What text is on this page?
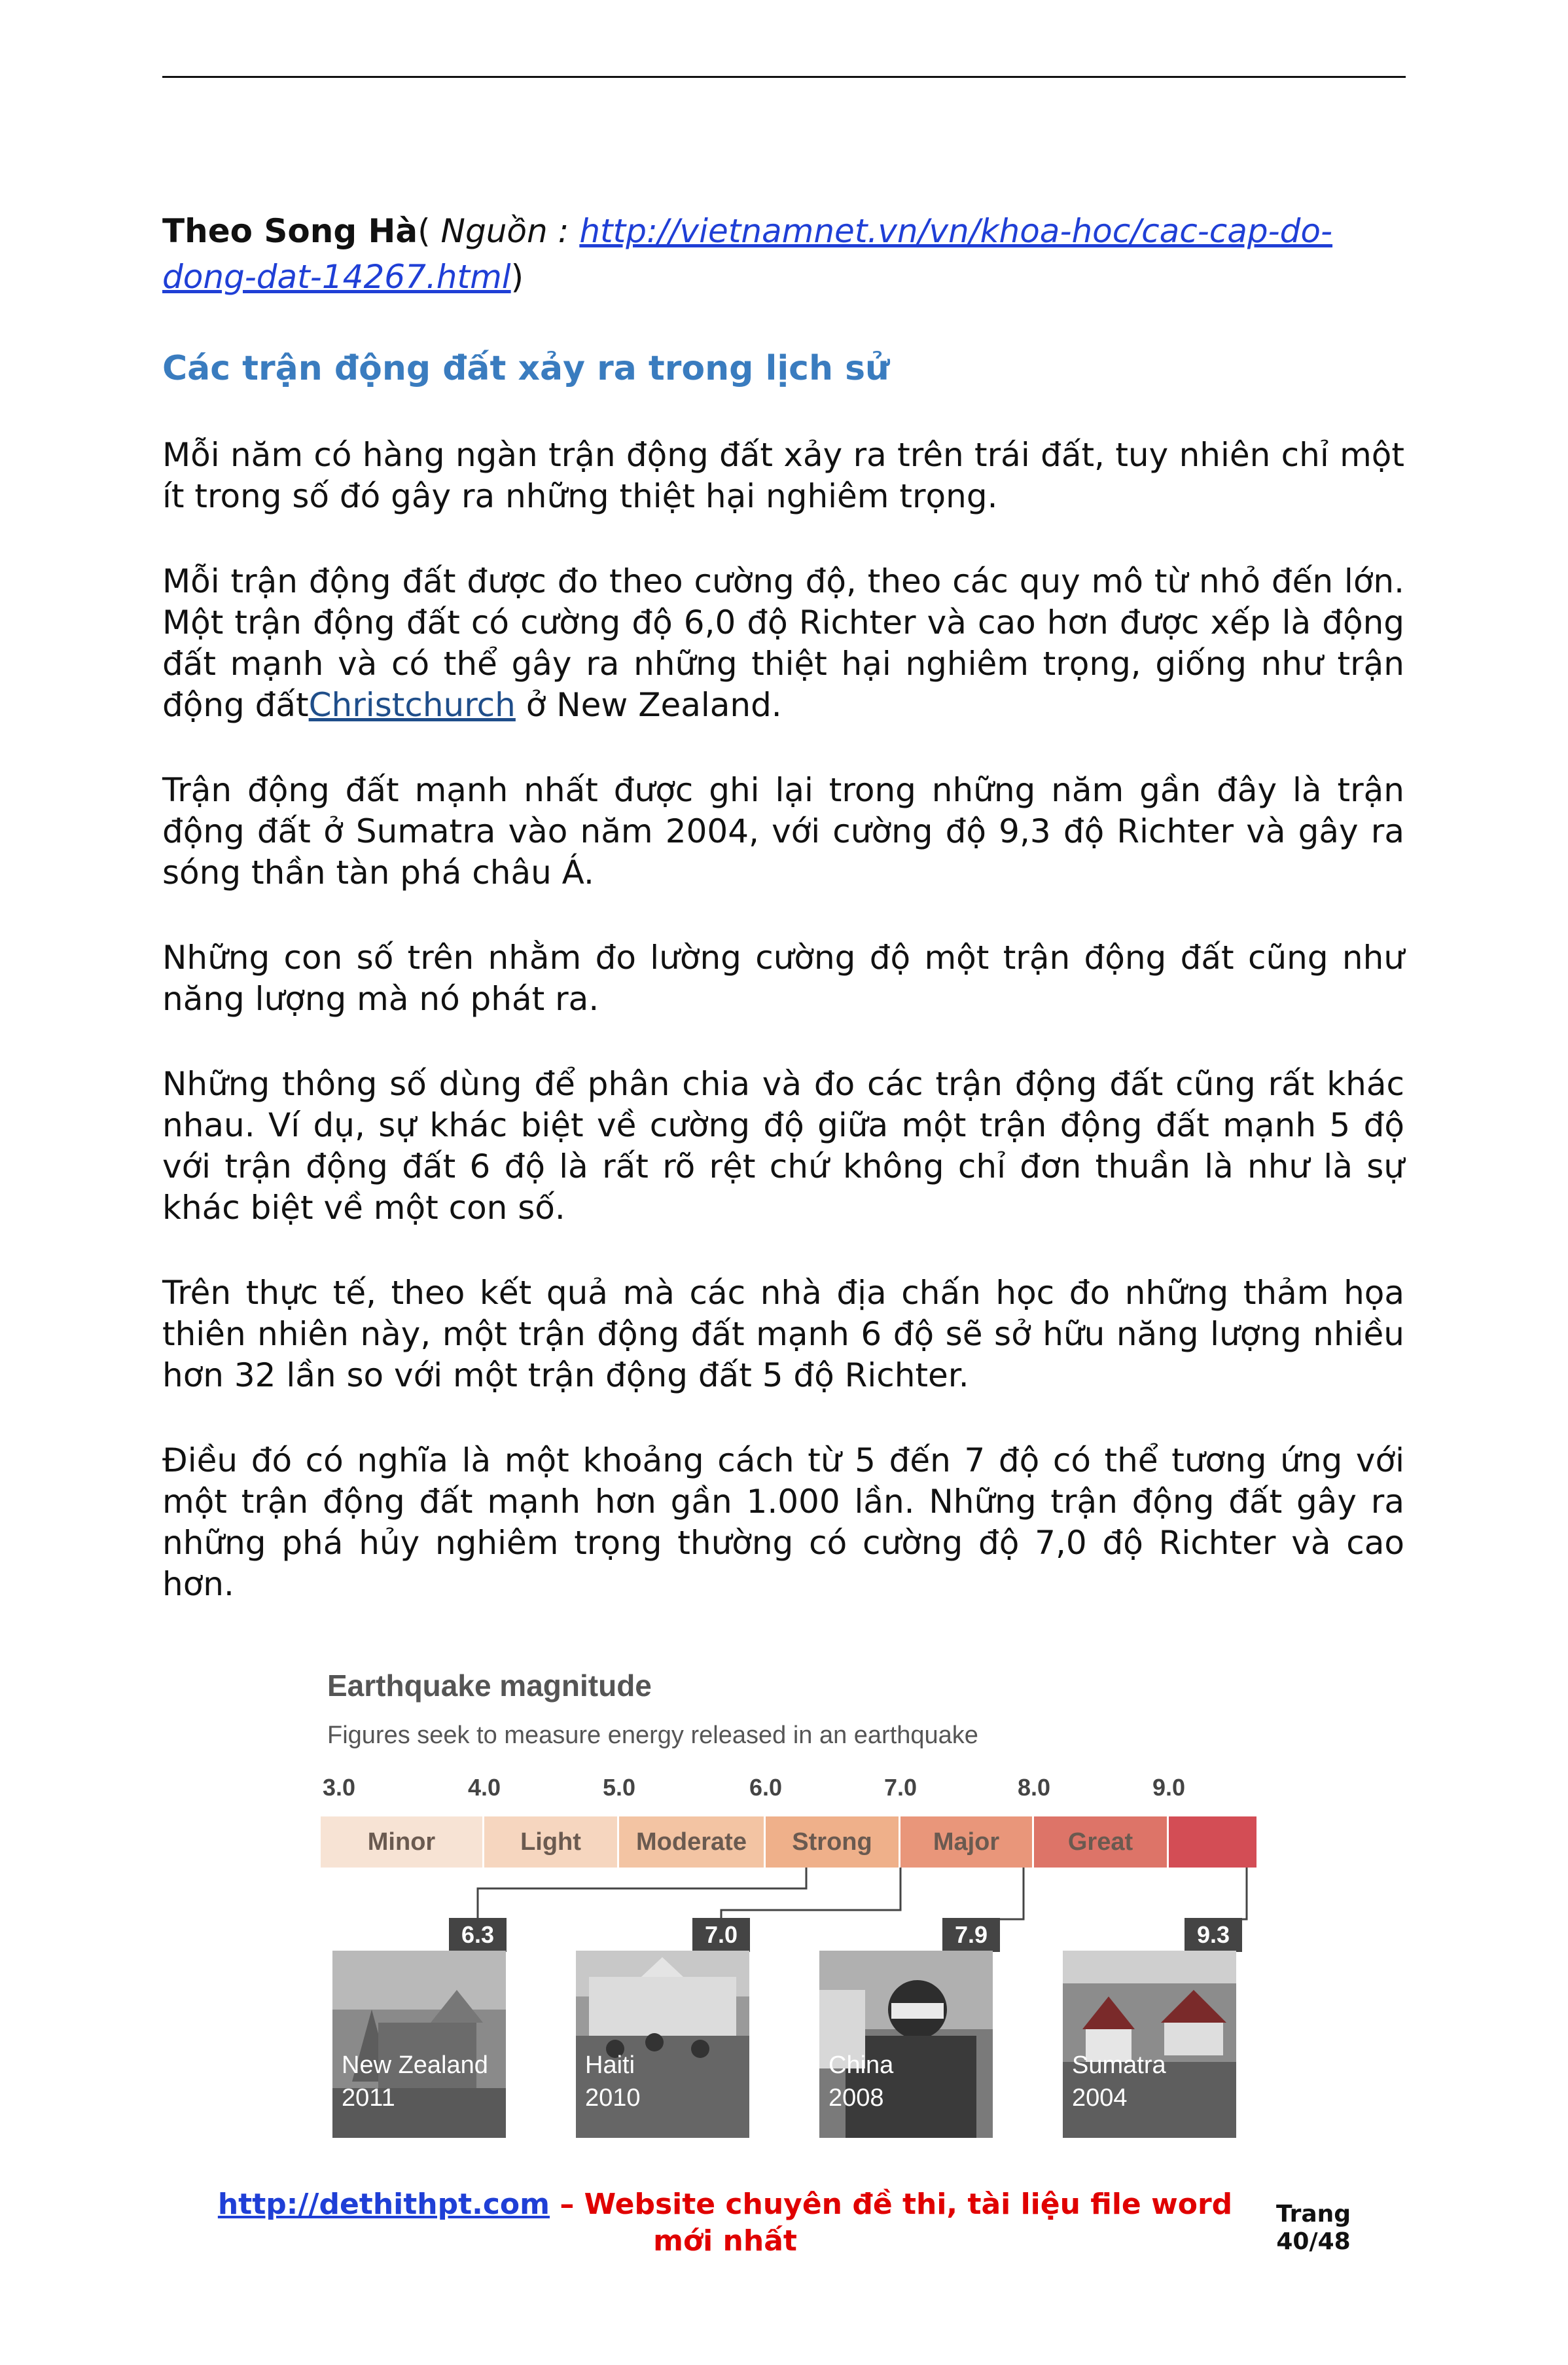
Theo Song Hà( Nguồn : http://vietnamnet.vn/vn/khoa-hoc/cac-cap-do-dong-dat-14267.html)

Các trận động đất xảy ra trong lịch sử

Mỗi năm có hàng ngàn trận động đất xảy ra trên trái đất, tuy nhiên chỉ một ít trong số đó gây ra những thiệt hại nghiêm trọng.

Mỗi trận động đất được đo theo cường độ, theo các quy mô từ nhỏ đến lớn. Một trận động đất có cường độ 6,0 độ Richter và cao hơn được xếp là động đất mạnh và có thể gây ra những thiệt hại nghiêm trọng, giống như trận động đấtChristchurch ở New Zealand.

Trận động đất mạnh nhất được ghi lại trong những năm gần đây là trận động đất ở Sumatra vào năm 2004, với cường độ 9,3 độ Richter và gây ra sóng thần tàn phá châu Á.

Những con số trên nhằm đo lường cường độ một trận động đất cũng như năng lượng mà nó phát ra.

Những thông số dùng để phân chia và đo các trận động đất cũng rất khác nhau. Ví dụ, sự khác biệt về cường độ giữa một trận động đất mạnh 5 độ với trận động đất 6 độ là rất rõ rệt chứ không chỉ đơn thuần là như là sự khác biệt về một con số.

Trên thực tế, theo kết quả mà các nhà địa chấn học đo những thảm họa thiên nhiên này, một trận động đất mạnh 6 độ sẽ sở hữu năng lượng nhiều hơn 32 lần so với một trận động đất 5 độ Richter.

Điều đó có nghĩa là một khoảng cách từ 5 đến 7 độ có thể tương ứng với một trận động đất mạnh hơn gần 1.000 lần. Những trận động đất gây ra những phá hủy nghiêm trọng thường có cường độ 7,0 độ Richter và cao hơn.

Earthquake magnitude
Figures seek to measure energy released in an earthquake
3.0	4.0	5.0	6.0	7.0	8.0	9.0
Minor	Light	Moderate	Strong	Major	Great
6.3	7.0	7.9	9.3
New Zealand
2011
Haiti
2010
China
2008
Sumatra
2004
http://dethithpt.com – Website chuyên đề thi, tài liệu file word mới nhất
Trang
40/48
